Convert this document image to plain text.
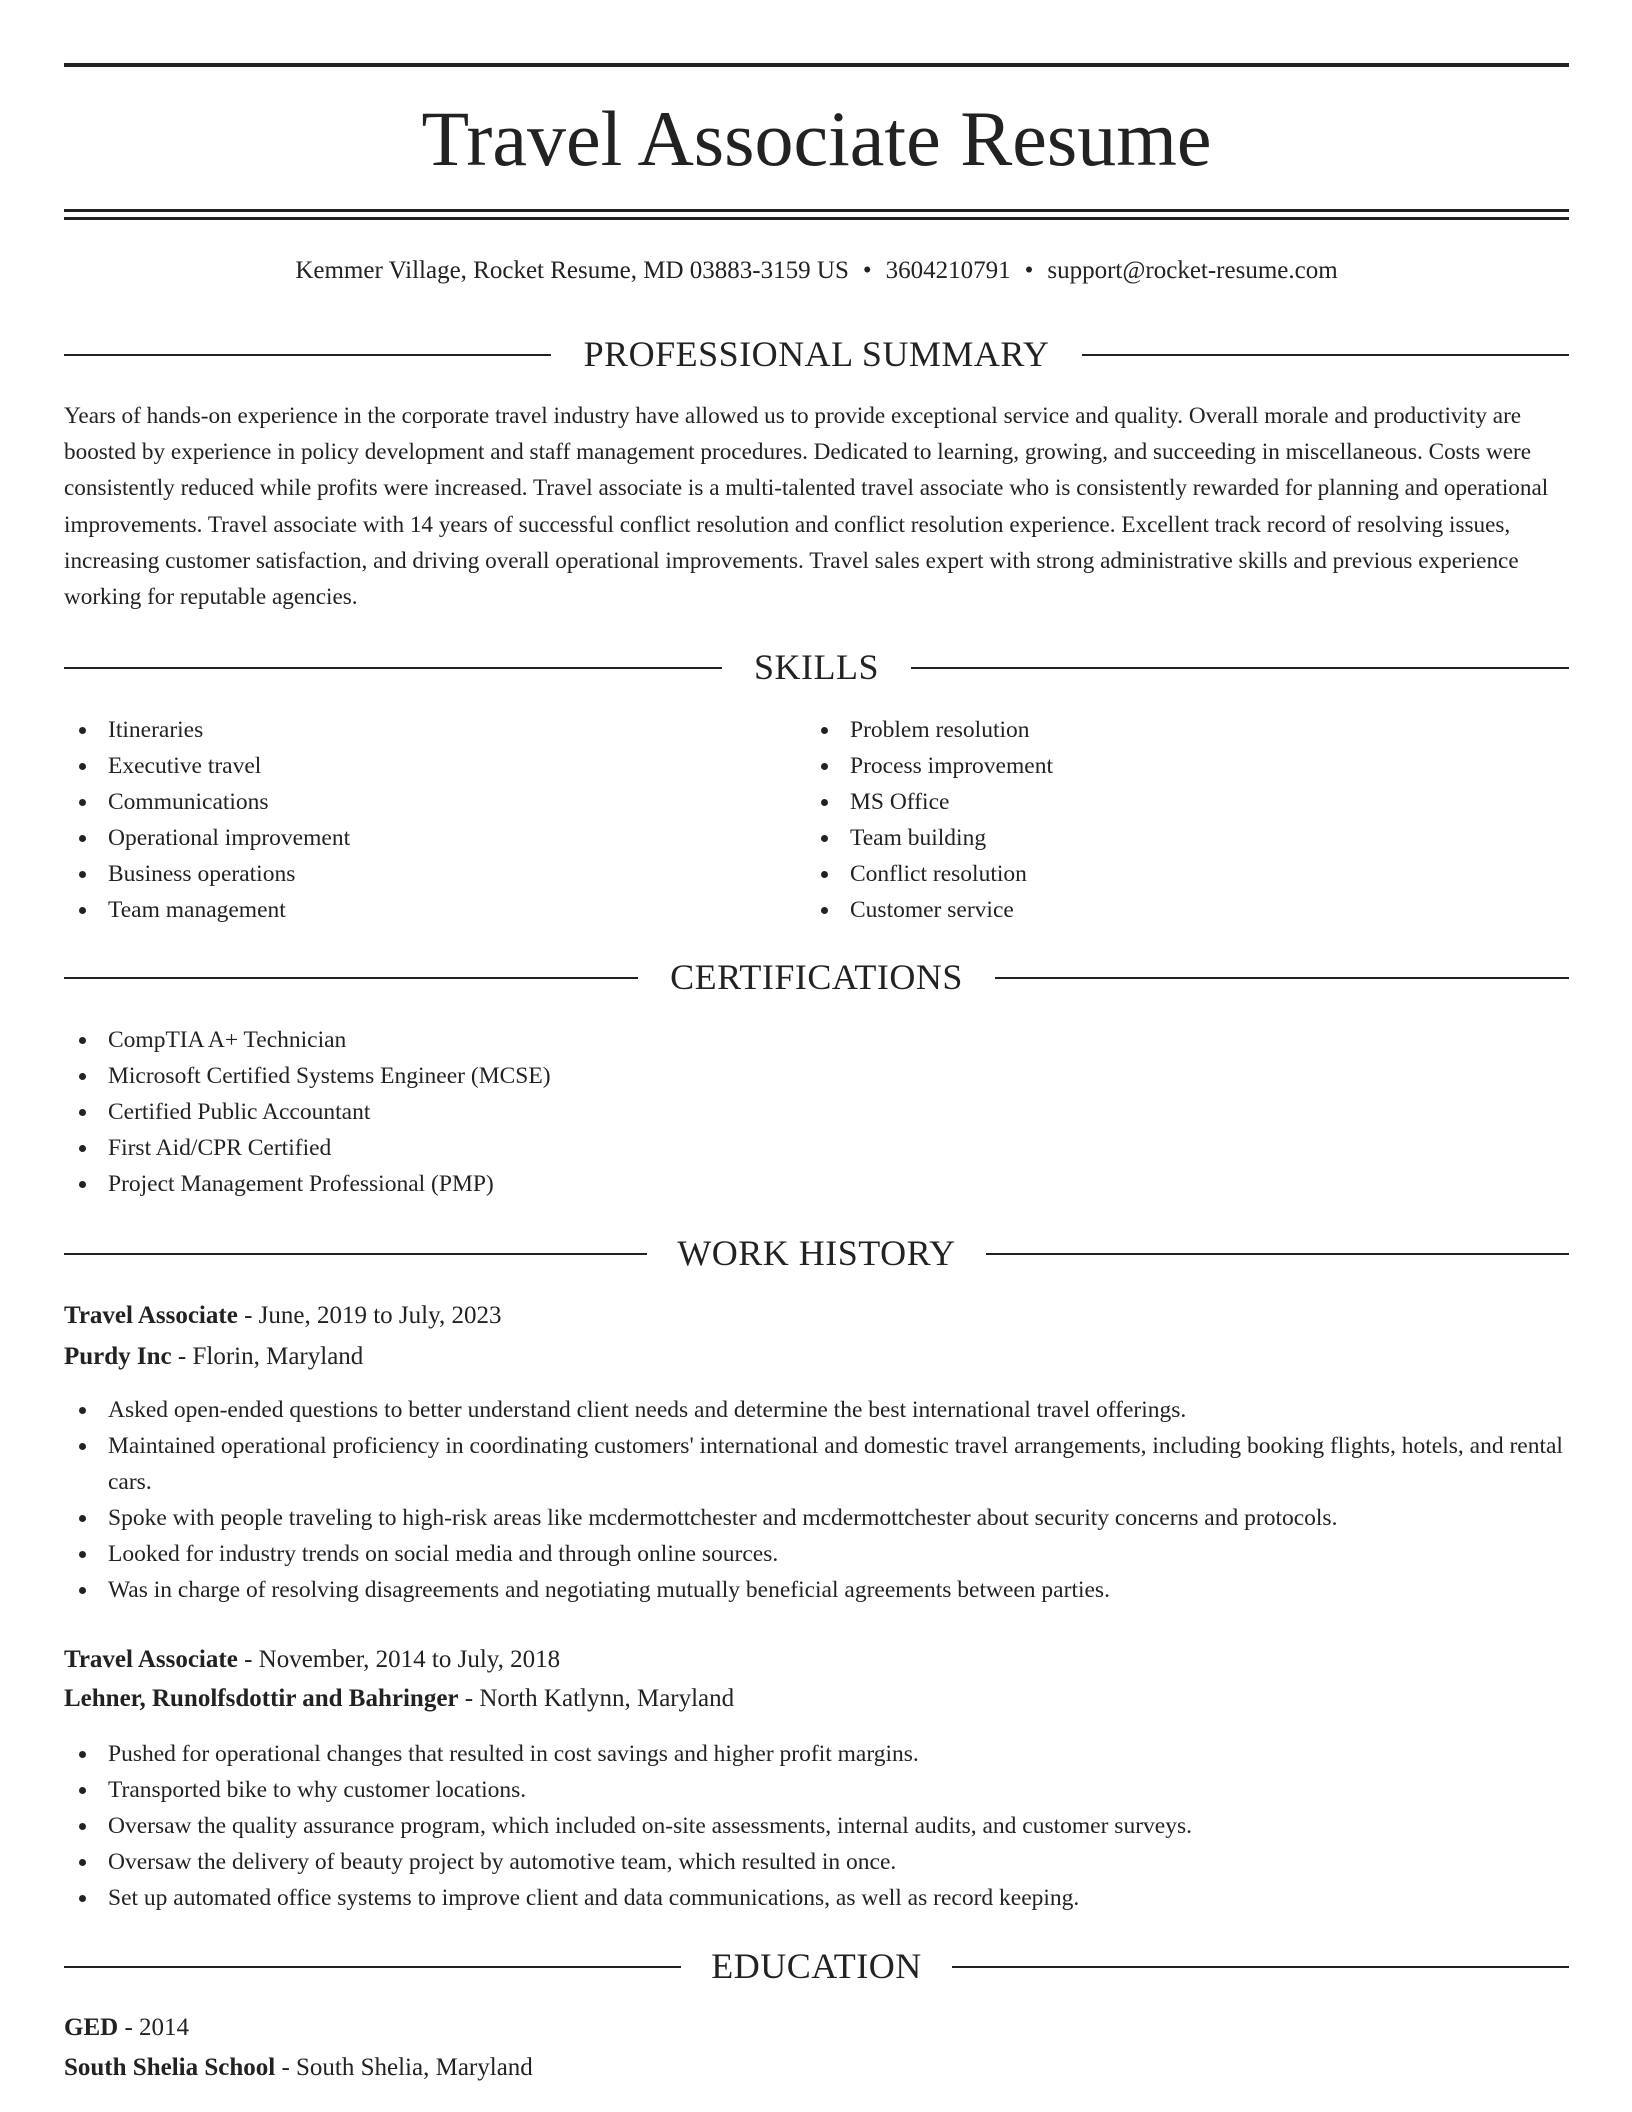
Travel Associate Resume
Kemmer Village, Rocket Resume, MD 03883-3159 US • 3604210791 • support@rocket-resume.com
PROFESSIONAL SUMMARY

Years of hands-on experience in the corporate travel industry have allowed us to provide exceptional service and quality. Overall morale and productivity are boosted by experience in policy development and staff management procedures. Dedicated to learning, growing, and succeeding in miscellaneous. Costs were consistently reduced while profits were increased. Travel associate is a multi-talented travel associate who is consistently rewarded for planning and operational improvements. Travel associate with 14 years of successful conflict resolution and conflict resolution experience. Excellent track record of resolving issues, increasing customer satisfaction, and driving overall operational improvements. Travel sales expert with strong administrative skills and previous experience working for reputable agencies.

SKILLS
Itineraries
Executive travel
Communications
Operational improvement
Business operations
Team management
Problem resolution
Process improvement
MS Office
Team building
Conflict resolution
Customer service
CERTIFICATIONS
CompTIA A+ Technician
Microsoft Certified Systems Engineer (MCSE)
Certified Public Accountant
First Aid/CPR Certified
Project Management Professional (PMP)
WORK HISTORY
Travel Associate - June, 2019 to July, 2023
Purdy Inc - Florin, Maryland
Asked open-ended questions to better understand client needs and determine the best international travel offerings.
Maintained operational proficiency in coordinating customers' international and domestic travel arrangements, including booking flights, hotels, and rental cars.
Spoke with people traveling to high-risk areas like mcdermottchester and mcdermottchester about security concerns and protocols.
Looked for industry trends on social media and through online sources.
Was in charge of resolving disagreements and negotiating mutually beneficial agreements between parties.
Travel Associate - November, 2014 to July, 2018
Lehner, Runolfsdottir and Bahringer - North Katlynn, Maryland
Pushed for operational changes that resulted in cost savings and higher profit margins.
Transported bike to why customer locations.
Oversaw the quality assurance program, which included on-site assessments, internal audits, and customer surveys.
Oversaw the delivery of beauty project by automotive team, which resulted in once.
Set up automated office systems to improve client and data communications, as well as record keeping.
EDUCATION
GED - 2014
South Shelia School - South Shelia, Maryland
